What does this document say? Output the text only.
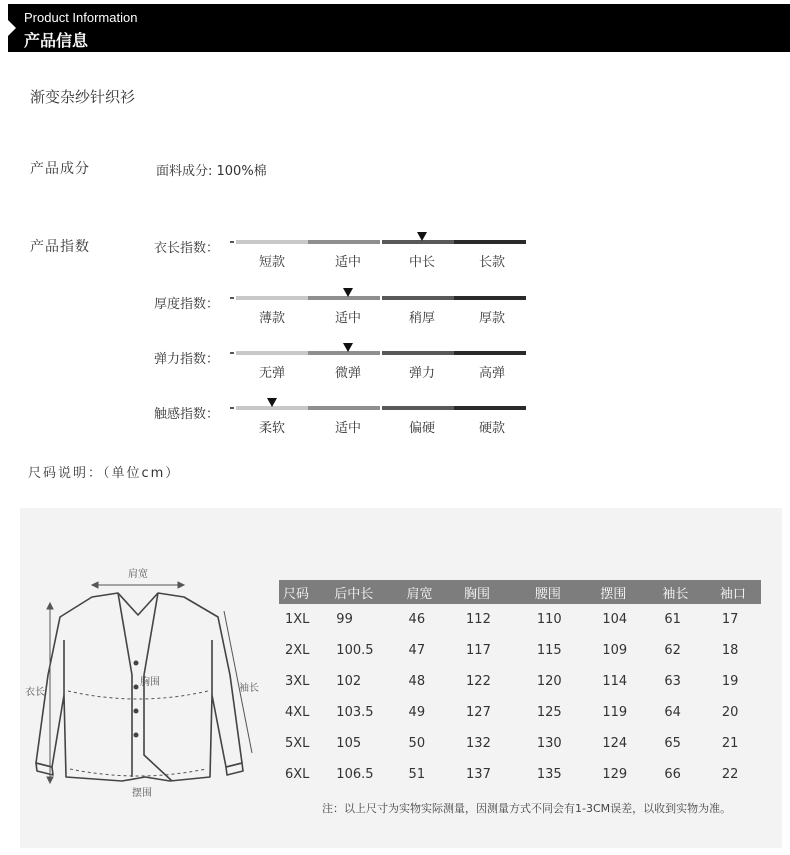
Product Information
产品信息
渐变杂纱针织衫
产品成分	面料成分: 100%棉
产品指数	衣长指数：
短款	适中	中长	长款
厚度指数：
薄款	适中	稍厚	厚款
弹力指数：
无弹	微弹	弹力	高弹
触感指数：
柔软	适中	偏硬	硬款
尺码说明：（单位cm）
肩宽
衣长	袖长
胸围
摆围
尺码	后中长	肩宽	胸围	腰围	摆围	袖长	袖口
1XL	99	46	112	110	104	61	17
2XL	100.5	47	117	115	109	62	18
3XL	102	48	122	120	114	63	19
4XL	103.5	49	127	125	119	64	20
5XL	105	50	132	130	124	65	21
6XL	106.5	51	137	135	129	66	22
注：以上尺寸为实物实际测量，因测量方式不同会有1-3CM误差，以收到实物为准。
